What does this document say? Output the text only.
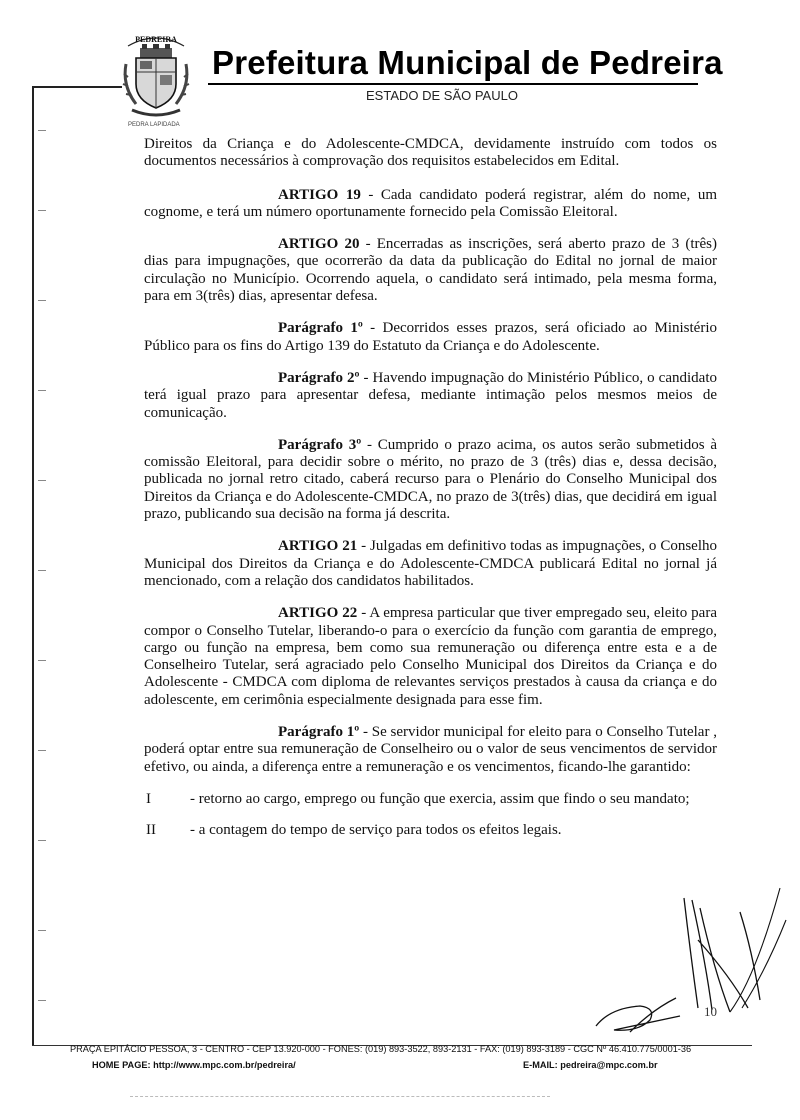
PEDREIRA
PEDRA LAPIDADA
Prefeitura Municipal de Pedreira
ESTADO DE SÃO PAULO

Direitos da Criança e do Adolescente-CMDCA, devidamente instruído com todos os documentos necessários à comprovação dos requisitos estabelecidos em Edital.

ARTIGO 19 - Cada candidato poderá registrar, além do nome, um cognome, e terá um número oportunamente fornecido pela Comissão Eleitoral.

ARTIGO 20 - Encerradas as inscrições, será aberto prazo de 3 (três) dias para impugnações, que ocorrerão da data da publicação do Edital no jornal de maior circulação no Município. Ocorrendo aquela, o candidato será intimado, pela mesma forma, para em 3(três) dias, apresentar defesa.

Parágrafo 1º - Decorridos esses prazos, será oficiado ao Ministério Público para os fins do Artigo 139 do Estatuto da Criança e do Adolescente.

Parágrafo 2º - Havendo impugnação do Ministério Público, o candidato terá igual prazo para apresentar defesa, mediante intimação pelos mesmos meios de comunicação.

Parágrafo 3º - Cumprido o prazo acima, os autos serão submetidos à comissão Eleitoral, para decidir sobre o mérito, no prazo de 3 (três) dias e, dessa decisão, publicada no jornal retro citado, caberá recurso para o Plenário do Conselho Municipal dos Direitos da Criança e do Adolescente-CMDCA, no prazo de 3(três) dias, que decidirá em igual prazo, publicando sua decisão na forma já descrita.

ARTIGO 21 - Julgadas em definitivo todas as impugnações, o Conselho Municipal dos Direitos da Criança e do Adolescente-CMDCA publicará Edital no jornal já mencionado, com a relação dos candidatos habilitados.

ARTIGO 22 - A empresa particular que tiver empregado seu, eleito para compor o Conselho Tutelar, liberando-o para o exercício da função com garantia de emprego, cargo ou função na empresa, bem como sua remuneração ou diferença entre esta e a de Conselheiro Tutelar, será agraciado pelo Conselho Municipal dos Direitos da Criança e do Adolescente - CMDCA com diploma de relevantes serviços prestados à causa da criança e do adolescente, em cerimônia especialmente designada para esse fim.

Parágrafo 1º - Se servidor municipal for eleito para o Conselho Tutelar , poderá optar entre sua remuneração de Conselheiro ou o valor de seus vencimentos de servidor efetivo, ou ainda, a diferença entre a remuneração e os vencimentos, ficando-lhe garantido:

I	- retorno ao cargo, emprego ou função que exercia, assim que findo o seu mandato;
II	- a contagem do tempo de serviço para todos os efeitos legais.
10
PRAÇA EPITÁCIO PESSOA, 3 - CENTRO - CEP 13.920-000 - FONES: (019) 893-3522, 893-2131 - FAX: (019) 893-3189 - CGC Nº 46.410.775/0001-36
HOME PAGE: http://www.mpc.com.br/pedreira/	E-MAIL: pedreira@mpc.com.br
